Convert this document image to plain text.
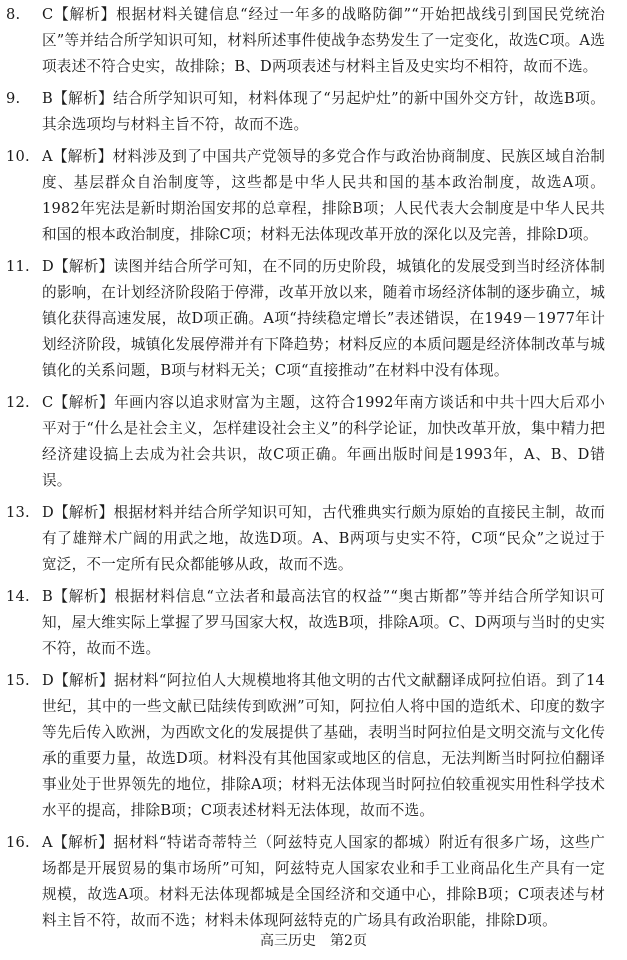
8.	C【解析】根据材料关键信息“经过一年多的战略防御”“开始把战线引到国民党统治区”等并结合所学知识可知，材料所述事件使战争态势发生了一定变化，故选C项。A选项表述不符合史实，故排除；B、D两项表述与材料主旨及史实均不相符，故而不选。
9.	B【解析】结合所学知识可知，材料体现了“另起炉灶”的新中国外交方针，故选B项。其余选项均与材料主旨不符，故而不选。
10. A【解析】材料涉及到了中国共产党领导的多党合作与政治协商制度、民族区域自治制度、基层群众自治制度等，这些都是中华人民共和国的基本政治制度，故选A项。1982年宪法是新时期治国安邦的总章程，排除B项；人民代表大会制度是中华人民共和国的根本政治制度，排除C项；材料无法体现改革开放的深化以及完善，排除D项。
11. D【解析】读图并结合所学可知，在不同的历史阶段，城镇化的发展受到当时经济体制的影响，在计划经济阶段陷于停滞，改革开放以来，随着市场经济体制的逐步确立，城镇化获得高速发展，故D项正确。A项“持续稳定增长”表述错误，在1949－1977年计划经济阶段，城镇化发展停滞并有下降趋势；材料反应的本质问题是经济体制改革与城镇化的关系问题，B项与材料无关；C项“直接推动”在材料中没有体现。
12. C【解析】年画内容以追求财富为主题，这符合1992年南方谈话和中共十四大后邓小平对于“什么是社会主义，怎样建设社会主义”的科学论证，加快改革开放，集中精力把经济建设搞上去成为社会共识，故C项正确。年画出版时间是1993年，A、B、D错误。
13. D【解析】根据材料并结合所学知识可知，古代雅典实行颇为原始的直接民主制，故而有了雄辩术广阔的用武之地，故选D项。A、B两项与史实不符，C项“民众”之说过于宽泛，不一定所有民众都能够从政，故而不选。
14. B【解析】根据材料信息“立法者和最高法官的权益”“奥古斯都”等并结合所学知识可知，屋大维实际上掌握了罗马国家大权，故选B项，排除A项。C、D两项与当时的史实不符，故而不选。
15. D【解析】据材料“阿拉伯人大规模地将其他文明的古代文献翻译成阿拉伯语。到了14世纪，其中的一些文献已陆续传到欧洲”可知，阿拉伯人将中国的造纸术、印度的数字等先后传入欧洲，为西欧文化的发展提供了基础，表明当时阿拉伯是文明交流与文化传承的重要力量，故选D项。材料没有其他国家或地区的信息，无法判断当时阿拉伯翻译事业处于世界领先的地位，排除A项；材料无法体现当时阿拉伯较重视实用性科学技术水平的提高，排除B项；C项表述材料无法体现，故而不选。
16. A【解析】据材料“特诺奇蒂特兰（阿兹特克人国家的都城）附近有很多广场，这些广场都是开展贸易的集市场所”可知，阿兹特克人国家农业和手工业商品化生产具有一定规模，故选A项。材料无法体现都城是全国经济和交通中心，排除B项；C项表述与材料主旨不符，故而不选；材料未体现阿兹特克的广场具有政治职能，排除D项。
高三历史　第2页
